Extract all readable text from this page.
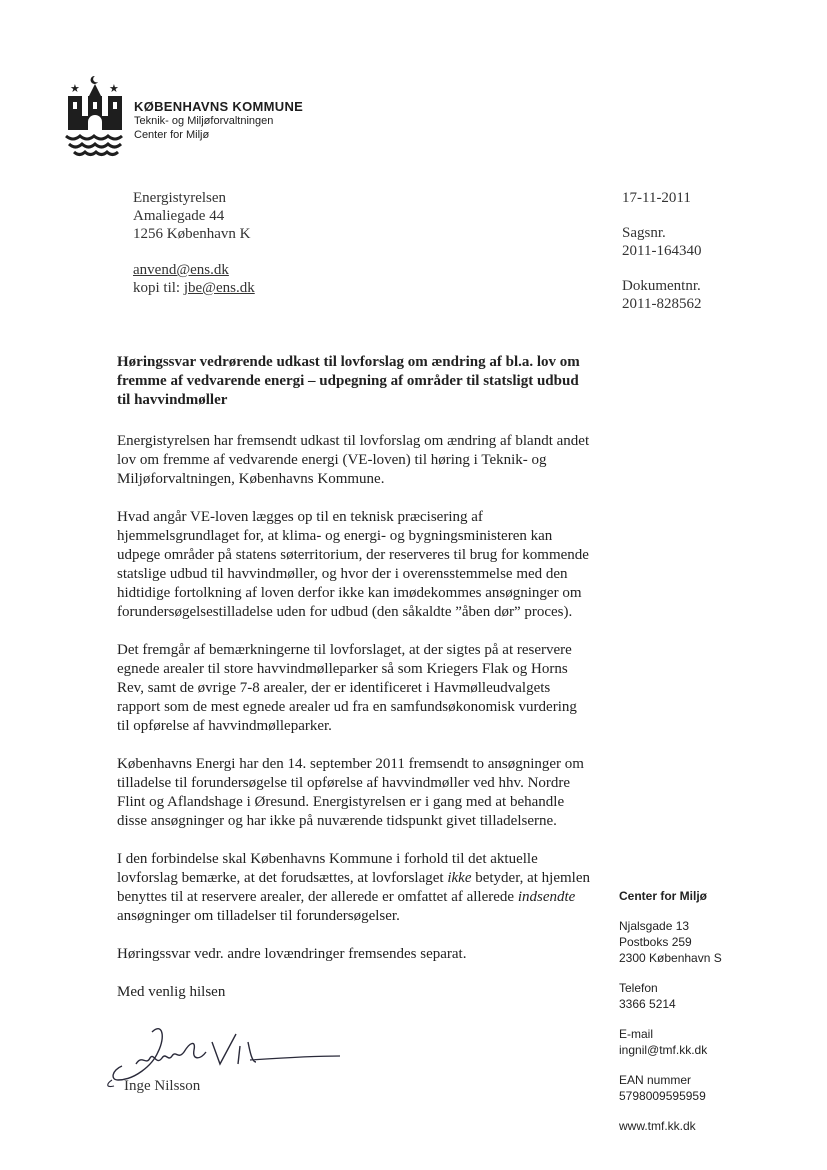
★	★
KØBENHAVNS KOMMUNE
Teknik- og Miljøforvaltningen
Center for Miljø
Energistyrelsen
Amaliegade 44
1256 København K
anvend@ens.dk
kopi til: jbe@ens.dk
17-11-2011
Sagsnr.
2011-164340
Dokumentnr.
2011-828562
Høringssvar vedrørende udkast til lovforslag om ændring af bl.a. lov om fremme af vedvarende energi – udpegning af områder til statsligt udbud til havvindmøller

Energistyrelsen har fremsendt udkast til lovforslag om ændring af blandt andet lov om fremme af vedvarende energi (VE-loven) til høring i Teknik- og Miljøforvaltningen, Københavns Kommune.

Hvad angår VE-loven lægges op til en teknisk præcisering af hjemmelsgrundlaget for, at klima- og energi- og bygningsministeren kan udpege områder på statens søterritorium, der reserveres til brug for kommende statslige udbud til havvindmøller, og hvor der i overensstemmelse med den hidtidige fortolkning af loven derfor ikke kan imødekommes ansøgninger om forundersøgelsestilladelse uden for udbud (den såkaldte ”åben dør” proces).

Det fremgår af bemærkningerne til lovforslaget, at der sigtes på at reservere egnede arealer til store havvindmølleparker så som Kriegers Flak og Horns Rev, samt de øvrige 7-8 arealer, der er identificeret i Havmølleudvalgets rapport som de mest egnede arealer ud fra en samfundsøkonomisk vurdering til opførelse af havvindmølleparker.

Københavns Energi har den 14. september 2011 fremsendt to ansøgninger om tilladelse til forundersøgelse til opførelse af havvindmøller ved hhv. Nordre Flint og Aflandshage i Øresund. Energistyrelsen er i gang med at behandle disse ansøgninger og har ikke på nuværende tidspunkt givet tilladelserne.

I den forbindelse skal Københavns Kommune i forhold til det aktuelle lovforslag bemærke, at det forudsættes, at lovforslaget ikke betyder, at hjemlen benyttes til at reservere arealer, der allerede er omfattet af allerede indsendte ansøgninger om tilladelser til forundersøgelser.

Høringssvar vedr. andre lovændringer fremsendes separat.

Med venlig hilsen

Inge Nilsson
Center for Miljø
Njalsgade 13
Postboks 259
2300 København S
Telefon
3366 5214
E-mail
ingnil@tmf.kk.dk
EAN nummer
5798009595959
www.tmf.kk.dk
